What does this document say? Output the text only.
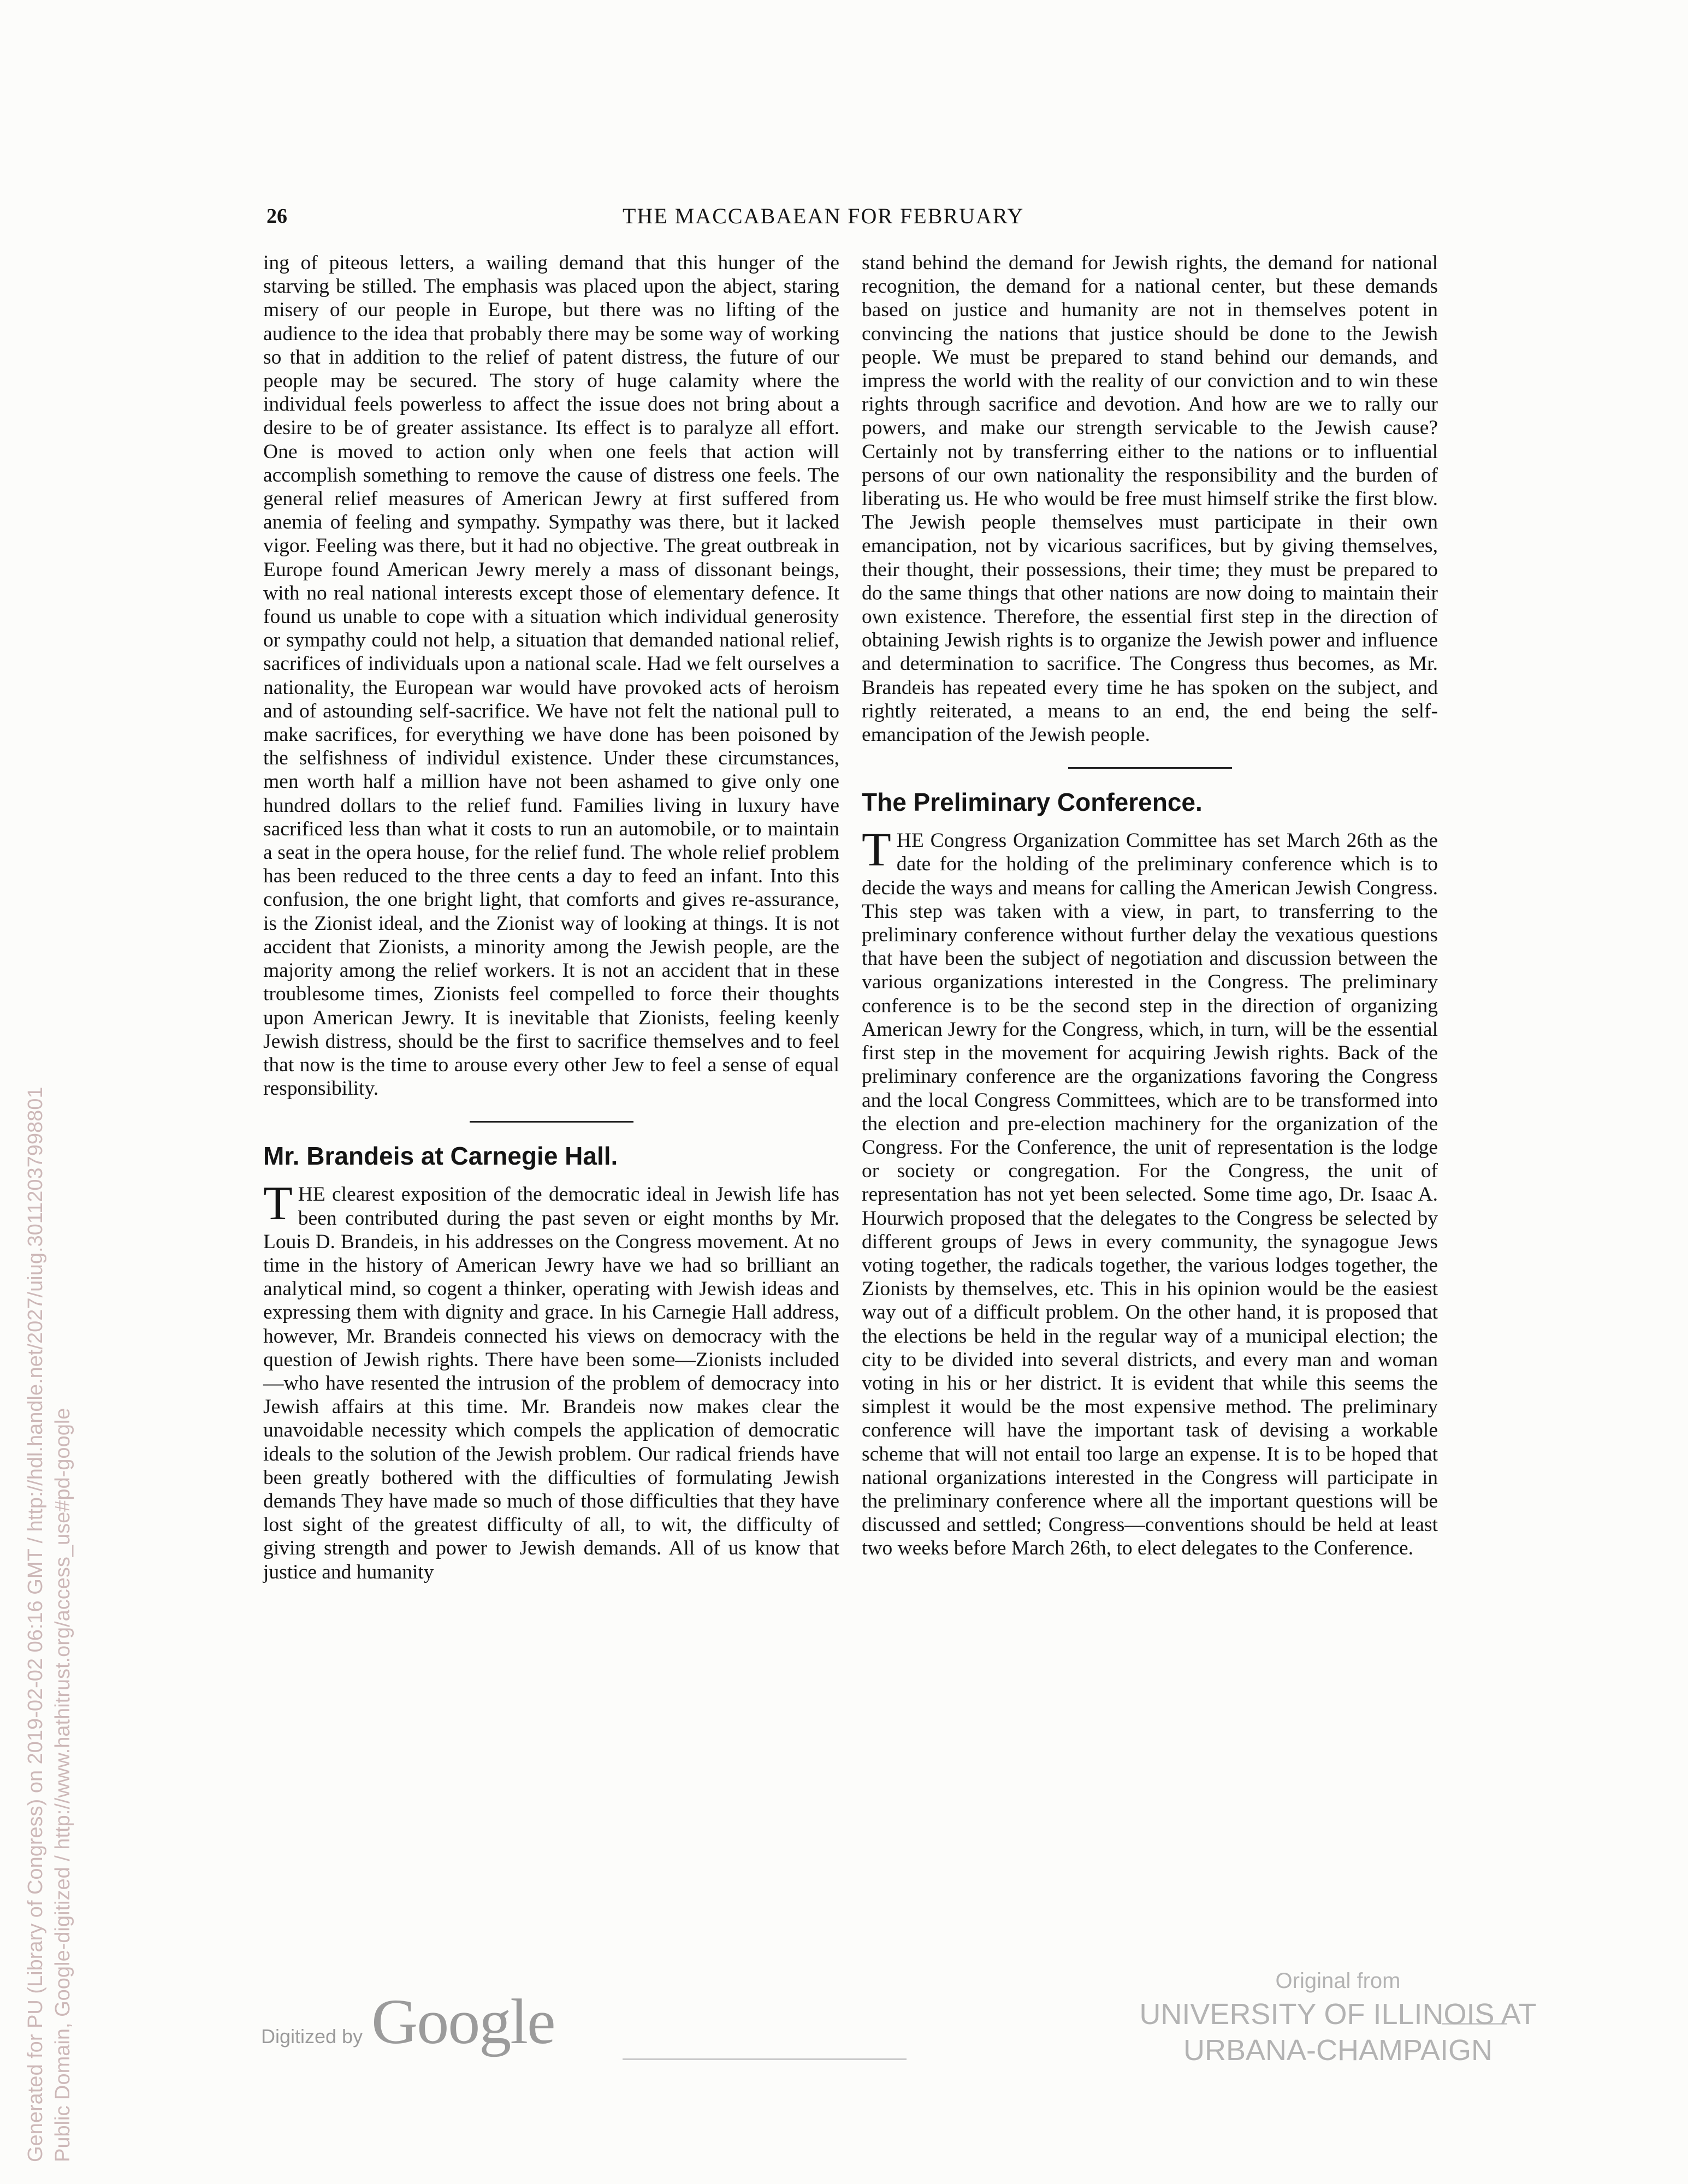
26	THE MACCABAEAN FOR FEBRUARY

ing of piteous letters, a wailing demand that this hunger of the starving be stilled. The emphasis was placed upon the abject, staring misery of our people in Europe, but there was no lifting of the audience to the idea that probably there may be some way of working so that in addition to the relief of patent distress, the future of our people may be secured. The story of huge calamity where the individual feels powerless to affect the issue does not bring about a desire to be of greater assistance. Its effect is to paralyze all effort. One is moved to action only when one feels that action will accomplish something to remove the cause of distress one feels. The general relief measures of American Jewry at first suffered from anemia of feeling and sympathy. Sympathy was there, but it lacked vigor. Feeling was there, but it had no objective. The great outbreak in Europe found American Jewry merely a mass of dissonant beings, with no real national interests except those of elementary defence. It found us unable to cope with a situation which individual generosity or sympathy could not help, a situation that demanded national relief, sacrifices of individuals upon a national scale. Had we felt ourselves a nationality, the European war would have provoked acts of heroism and of astounding self-sacrifice. We have not felt the national pull to make sacrifices, for everything we have done has been poisoned by the selfishness of individul existence. Under these circumstances, men worth half a million have not been ashamed to give only one hundred dollars to the relief fund. Families living in luxury have sacrificed less than what it costs to run an automobile, or to maintain a seat in the opera house, for the relief fund. The whole relief problem has been reduced to the three cents a day to feed an infant. Into this confusion, the one bright light, that comforts and gives re-assurance, is the Zionist ideal, and the Zionist way of looking at things. It is not accident that Zionists, a minority among the Jewish people, are the majority among the relief workers. It is not an accident that in these troublesome times, Zionists feel compelled to force their thoughts upon American Jewry. It is inevitable that Zionists, feeling keenly Jewish distress, should be the first to sacrifice themselves and to feel that now is the time to arouse every other Jew to feel a sense of equal responsibility.

Mr. Brandeis at Carnegie Hall.

THE clearest exposition of the democratic ideal in Jewish life has been contributed during the past seven or eight months by Mr. Louis D. Brandeis, in his addresses on the Congress movement. At no time in the history of American Jewry have we had so brilliant an analytical mind, so cogent a thinker, operating with Jewish ideas and expressing them with dignity and grace. In his Carnegie Hall address, however, Mr. Brandeis connected his views on democracy with the question of Jewish rights. There have been some—Zionists included—who have resented the intrusion of the problem of democracy into Jewish affairs at this time. Mr. Brandeis now makes clear the unavoidable necessity which compels the application of democratic ideals to the solution of the Jewish problem. Our radical friends have been greatly bothered with the difficulties of formulating Jewish demands They have made so much of those difficulties that they have lost sight of the greatest difficulty of all, to wit, the difficulty of giving strength and power to Jewish demands. All of us know that justice and humanity

stand behind the demand for Jewish rights, the demand for national recognition, the demand for a national center, but these demands based on justice and humanity are not in themselves potent in convincing the nations that justice should be done to the Jewish people. We must be prepared to stand behind our demands, and impress the world with the reality of our conviction and to win these rights through sacrifice and devotion. And how are we to rally our powers, and make our strength servicable to the Jewish cause? Certainly not by transferring either to the nations or to influential persons of our own nationality the responsibility and the burden of liberating us. He who would be free must himself strike the first blow. The Jewish people themselves must participate in their own emancipation, not by vicarious sacrifices, but by giving themselves, their thought, their possessions, their time; they must be prepared to do the same things that other nations are now doing to maintain their own existence. Therefore, the essential first step in the direction of obtaining Jewish rights is to organize the Jewish power and influence and determination to sacrifice. The Congress thus becomes, as Mr. Brandeis has repeated every time he has spoken on the subject, and rightly reiterated, a means to an end, the end being the self-emancipation of the Jewish people.

The Preliminary Conference.

THE Congress Organization Committee has set March 26th as the date for the holding of the preliminary conference which is to decide the ways and means for calling the American Jewish Congress. This step was taken with a view, in part, to transferring to the preliminary conference without further delay the vexatious questions that have been the subject of negotiation and discussion between the various organizations interested in the Congress. The preliminary conference is to be the second step in the direction of organizing American Jewry for the Congress, which, in turn, will be the essential first step in the movement for acquiring Jewish rights. Back of the preliminary conference are the organizations favoring the Congress and the local Congress Committees, which are to be transformed into the election and pre-election machinery for the organization of the Congress. For the Conference, the unit of representation is the lodge or society or congregation. For the Congress, the unit of representation has not yet been selected. Some time ago, Dr. Isaac A. Hourwich proposed that the delegates to the Congress be selected by different groups of Jews in every community, the synagogue Jews voting together, the radicals together, the various lodges together, the Zionists by themselves, etc. This in his opinion would be the easiest way out of a difficult problem. On the other hand, it is proposed that the elections be held in the regular way of a municipal election; the city to be divided into several districts, and every man and woman voting in his or her district. It is evident that while this seems the simplest it would be the most expensive method. The preliminary conference will have the important task of devising a workable scheme that will not entail too large an expense. It is to be hoped that national organizations interested in the Congress will participate in the preliminary conference where all the important questions will be discussed and settled; Congress—conventions should be held at least two weeks before March 26th, to elect delegates to the Conference.

Generated for PU (Library of Congress) on 2019-02-02 06:16 GMT / http://hdl.handle.net/2027/uiug.30112037998801 Public Domain, Google-digitized / http://www.hathitrust.org/access_use#pd-google	Digitized by Google
Original from
UNIVERSITY OF ILLINOIS AT
URBANA-CHAMPAIGN
